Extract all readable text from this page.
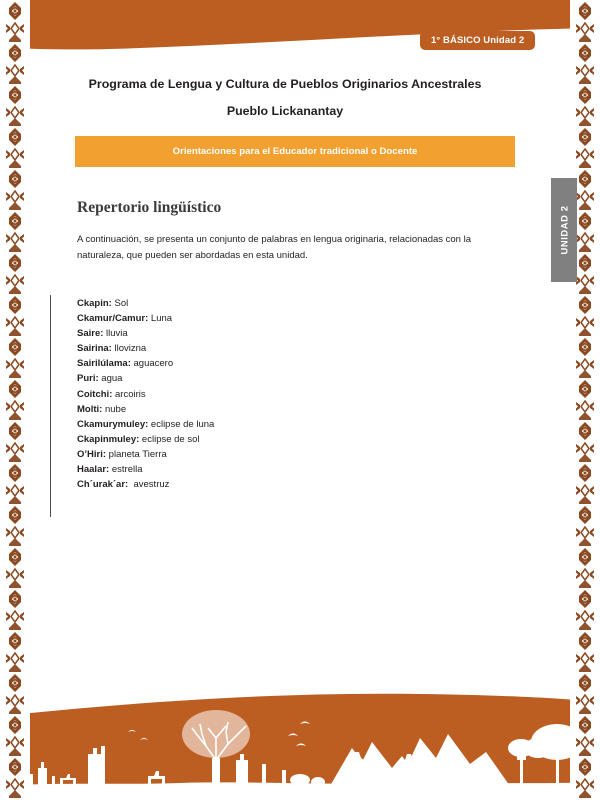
1° BÁSICO Unidad 2
Programa de Lengua y Cultura de Pueblos Originarios Ancestrales
Pueblo Lickanantay
Orientaciones para el Educador tradicional o Docente
Repertorio lingüístico
A continuación, se presenta un conjunto de palabras en lengua originaria, relacionadas con la naturaleza, que pueden ser abordadas en esta unidad.
Ckapin: Sol
Ckamur/Camur: Luna
Saire: lluvia
Sairina: llovizna
Sairilúlama: aguacero
Puri: agua
Coitchi: arcoiris
Molti: nube
Ckamurymuley: eclipse de luna
Ckapinmuley: eclipse de sol
O’Hiri: planeta Tierra
Haalar: estrella
Ch´urak´ar:  avestruz
UNIDAD 2
